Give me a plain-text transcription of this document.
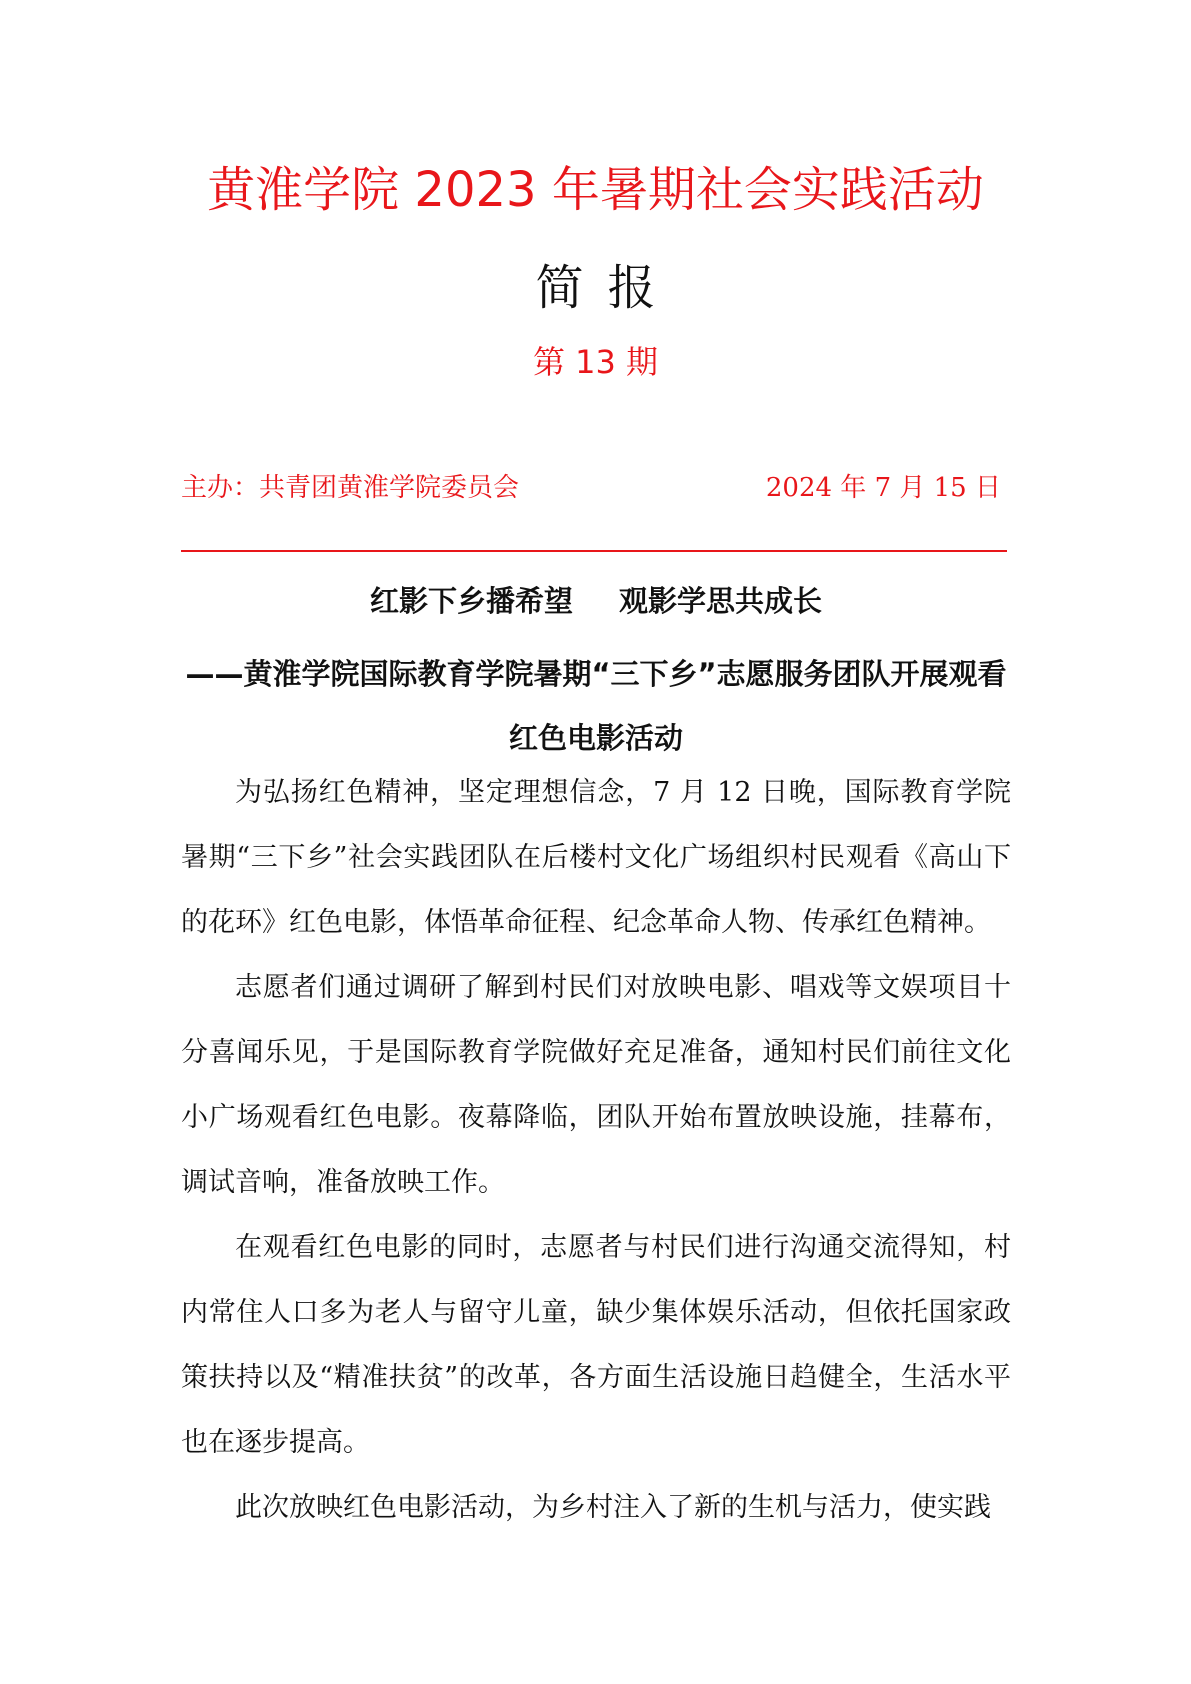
黄淮学院 2023 年暑期社会实践活动
简报
第 13 期
主办：共青团黄淮学院委员会	2024 年 7 月 15 日
红影下乡播希望 观影学思共成长
——黄淮学院国际教育学院暑期“三下乡”志愿服务团队开展观看红色电影活动

为弘扬红色精神，坚定理想信念，7 月 12 日晚，国际教育学院暑期“三下乡”社会实践团队在后楼村文化广场组织村民观看《高山下的花环》红色电影，体悟革命征程、纪念革命人物、传承红色精神。

志愿者们通过调研了解到村民们对放映电影、唱戏等文娱项目十分喜闻乐见，于是国际教育学院做好充足准备，通知村民们前往文化小广场观看红色电影。夜幕降临，团队开始布置放映设施，挂幕布，调试音响，准备放映工作。

在观看红色电影的同时，志愿者与村民们进行沟通交流得知，村内常住人口多为老人与留守儿童，缺少集体娱乐活动，但依托国家政策扶持以及“精准扶贫”的改革，各方面生活设施日趋健全，生活水平也在逐步提高。

此次放映红色电影活动，为乡村注入了新的生机与活力，使实践
